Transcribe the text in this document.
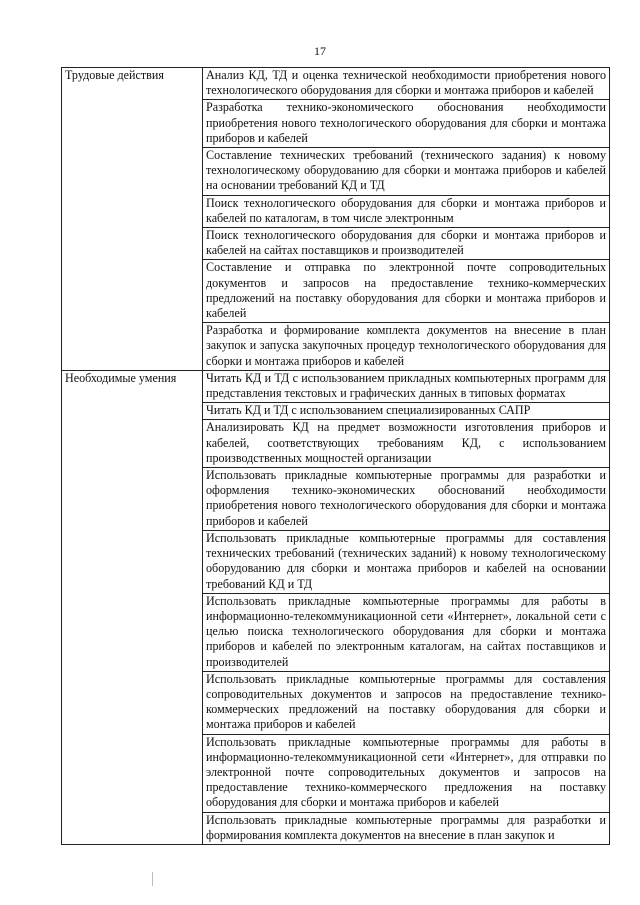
17
Трудовые действия	Анализ КД, ТД и оценка технической необходимости приобретения нового технологического оборудования для сборки и монтажа приборов и кабелей
	Разработка технико-экономического обоснования необходимости приобретения нового технологического оборудования для сборки и монтажа приборов и кабелей
	Составление технических требований (технического задания) к новому технологическому оборудованию для сборки и монтажа приборов и кабелей на основании требований КД и ТД
	Поиск технологического оборудования для сборки и монтажа приборов и кабелей по каталогам, в том числе электронным
	Поиск технологического оборудования для сборки и монтажа приборов и кабелей на сайтах поставщиков и производителей
	Составление и отправка по электронной почте сопроводительных документов и запросов на предоставление технико-коммерческих предложений на поставку оборудования для сборки и монтажа приборов и кабелей
	Разработка и формирование комплекта документов на внесение в план закупок и запуска закупочных процедур технологического оборудования для сборки и монтажа приборов и кабелей
Необходимые умения	Читать КД и ТД с использованием прикладных компьютерных программ для представления текстовых и графических данных в типовых форматах
	Читать КД и ТД с использованием специализированных САПР
	Анализировать КД на предмет возможности изготовления приборов и кабелей, соответствующих требованиям КД, с использованием производственных мощностей организации
	Использовать прикладные компьютерные программы для разработки и оформления технико-экономических обоснований необходимости приобретения нового технологического оборудования для сборки и монтажа приборов и кабелей
	Использовать прикладные компьютерные программы для составления технических требований (технических заданий) к новому технологическому оборудованию для сборки и монтажа приборов и кабелей на основании требований КД и ТД
	Использовать прикладные компьютерные программы для работы в информационно-телекоммуникационной сети «Интернет», локальной сети с целью поиска технологического оборудования для сборки и монтажа приборов и кабелей по электронным каталогам, на сайтах поставщиков и производителей
	Использовать прикладные компьютерные программы для составления сопроводительных документов и запросов на предоставление технико-коммерческих предложений на поставку оборудования для сборки и монтажа приборов и кабелей
	Использовать прикладные компьютерные программы для работы в информационно-телекоммуникационной сети «Интернет», для отправки по электронной почте сопроводительных документов и запросов на предоставление технико-коммерческого предложения на поставку оборудования для сборки и монтажа приборов и кабелей
	Использовать прикладные компьютерные программы для разработки и формирования комплекта документов на внесение в план закупок и
